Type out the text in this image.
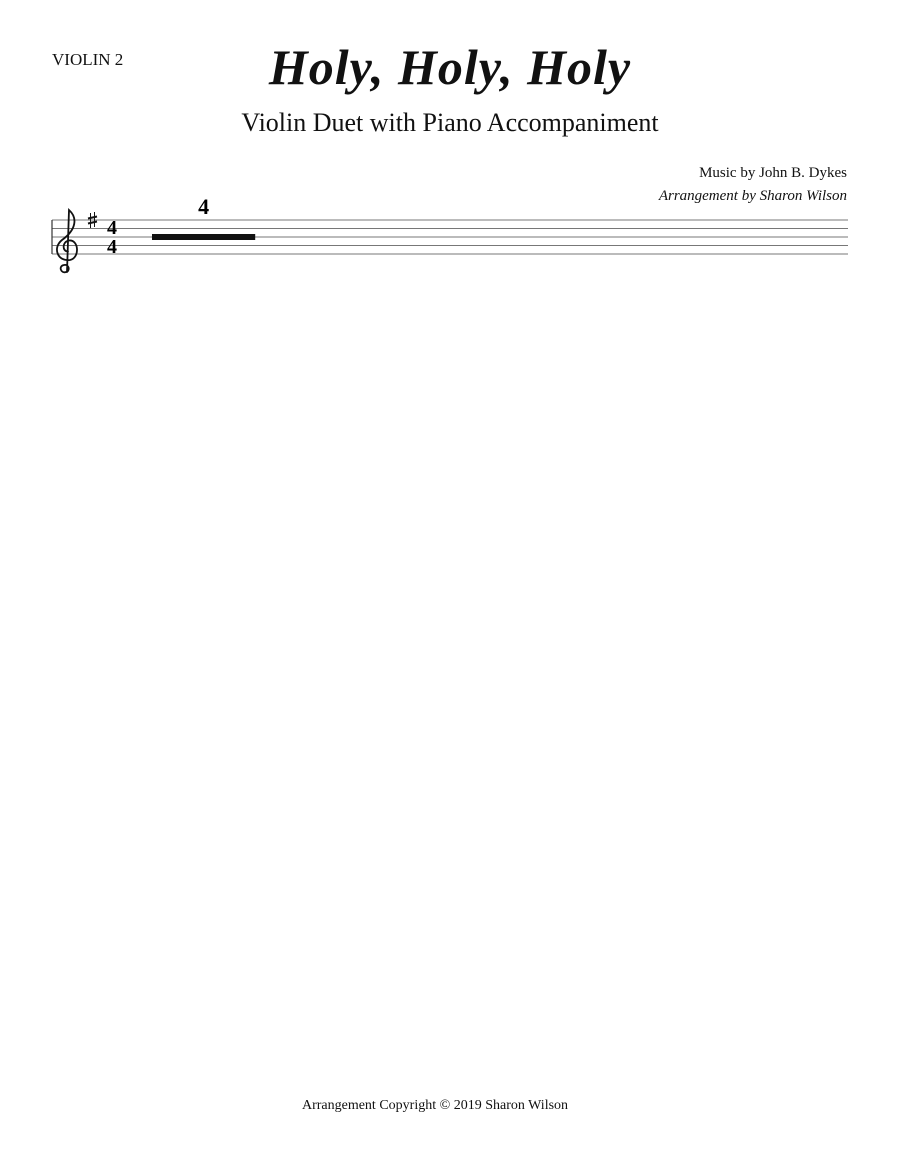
VIOLIN 2	Holy, Holy, Holy
Violin Duet with Piano Accompaniment
Music by John B. Dykes
Arrangement by Sharon Wilson
4
4
4
Arrangement Copyright © 2019 Sharon Wilson
